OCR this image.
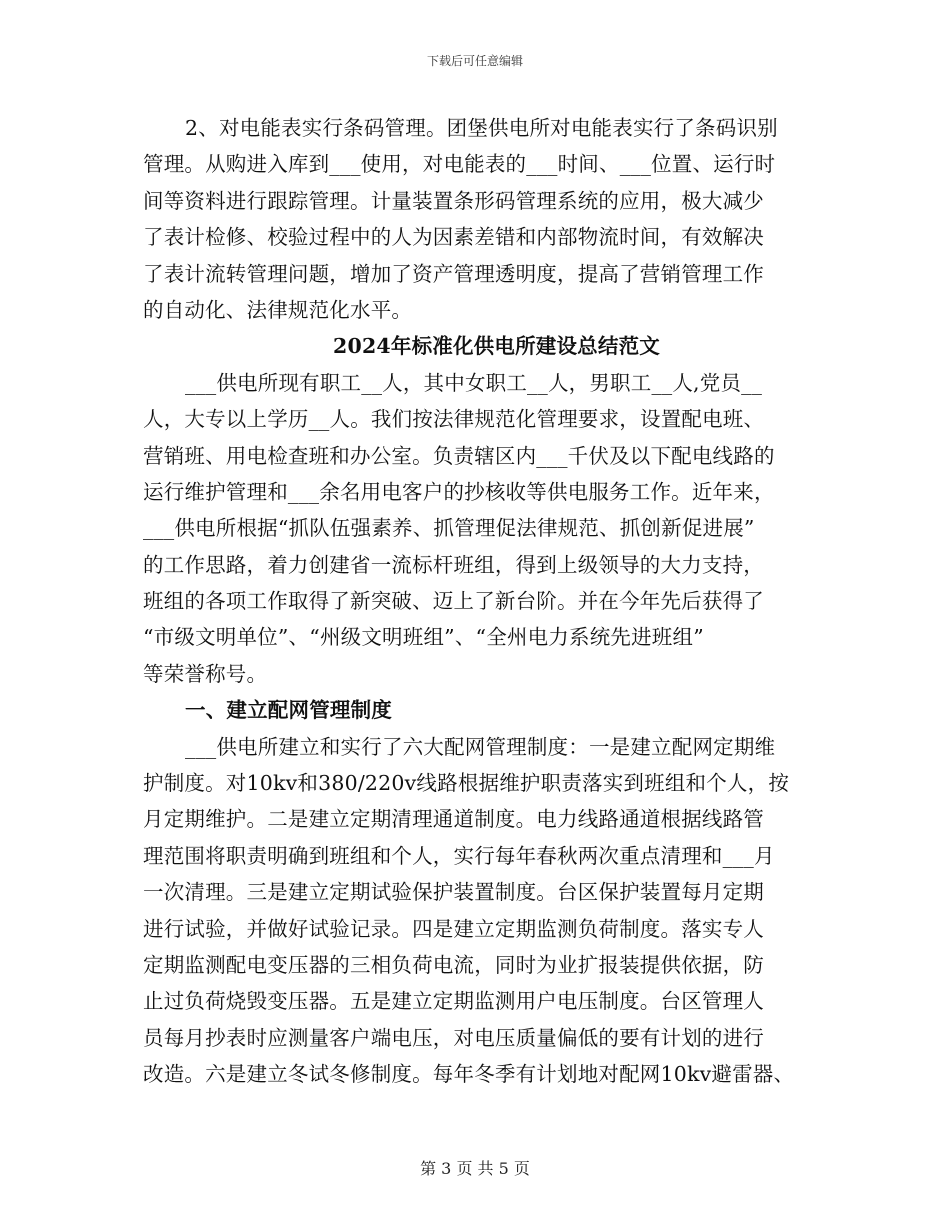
下载后可任意编辑
2、对电能表实行条码管理。团堡供电所对电能表实行了条码识别
管理。从购进入库到___使用，对电能表的___时间、___位置、运行时
间等资料进行跟踪管理。计量装置条形码管理系统的应用，极大减少
了表计检修、校验过程中的人为因素差错和内部物流时间，有效解决
了表计流转管理问题，增加了资产管理透明度，提高了营销管理工作
的自动化、法律规范化水平。
2024年标准化供电所建设总结范文
___供电所现有职工__人，其中女职工__人，男职工__人,党员__
人，大专以上学历__人。我们按法律规范化管理要求，设置配电班、
营销班、用电检查班和办公室。负责辖区内___千伏及以下配电线路的
运行维护管理和___余名用电客户的抄核收等供电服务工作。近年来，
___供电所根据“抓队伍强素养、抓管理促法律规范、抓创新促进展”
的工作思路，着力创建省一流标杆班组，得到上级领导的大力支持，
班组的各项工作取得了新突破、迈上了新台阶。并在今年先后获得了
“市级文明单位”、“州级文明班组”、“全州电力系统先进班组”
等荣誉称号。
一、建立配网管理制度
___供电所建立和实行了六大配网管理制度：一是建立配网定期维
护制度。对10kv和380/220v线路根据维护职责落实到班组和个人，按
月定期维护。二是建立定期清理通道制度。电力线路通道根据线路管
理范围将职责明确到班组和个人，实行每年春秋两次重点清理和___月
一次清理。三是建立定期试验保护装置制度。台区保护装置每月定期
进行试验，并做好试验记录。四是建立定期监测负荷制度。落实专人
定期监测配电变压器的三相负荷电流，同时为业扩报装提供依据，防
止过负荷烧毁变压器。五是建立定期监测用户电压制度。台区管理人
员每月抄表时应测量客户端电压，对电压质量偏低的要有计划的进行
改造。六是建立冬试冬修制度。每年冬季有计划地对配网10kv避雷器、
第 3 页 共 5 页
